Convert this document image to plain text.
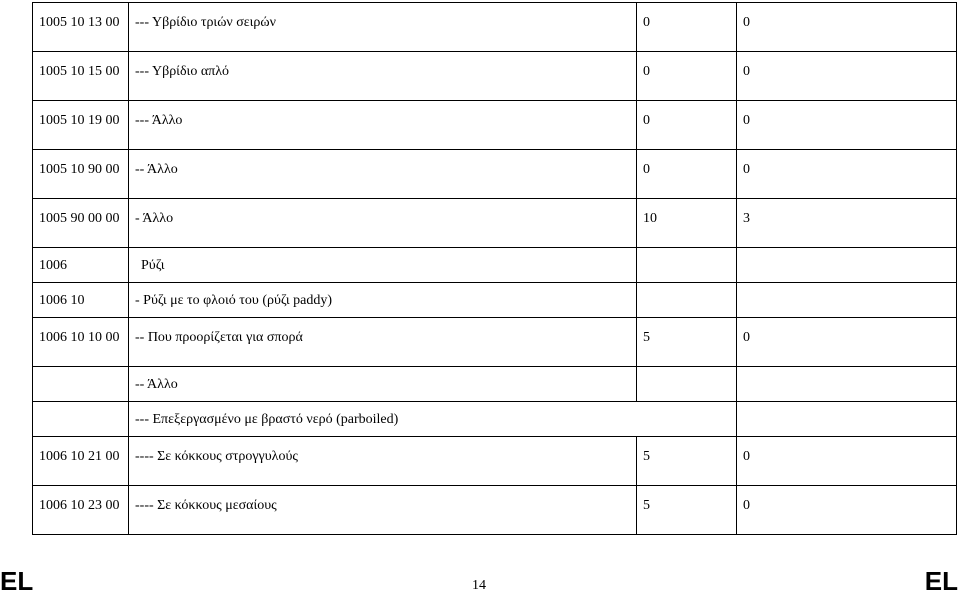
1005 10 13 00	--- Υβρίδιο τριών σειρών	0	0
1005 10 15 00	--- Υβρίδιο απλό	0	0
1005 10 19 00	--- Άλλο	0	0
1005 10 90 00	-- Άλλο	0	0
1005 90 00 00	- Άλλο	10	3
1006	Ρύζι		
1006 10	- Ρύζι με το φλοιό του (ρύζι paddy)		
1006 10 10 00	-- Που προορίζεται για σπορά	5	0
	-- Άλλο		
	--- Επεξεργασμένο με βραστό νερό (parboiled)		
1006 10 21 00	---- Σε κόκκους στρογγυλούς	5	0
1006 10 23 00	---- Σε κόκκους μεσαίους	5	0
EL	14	EL
